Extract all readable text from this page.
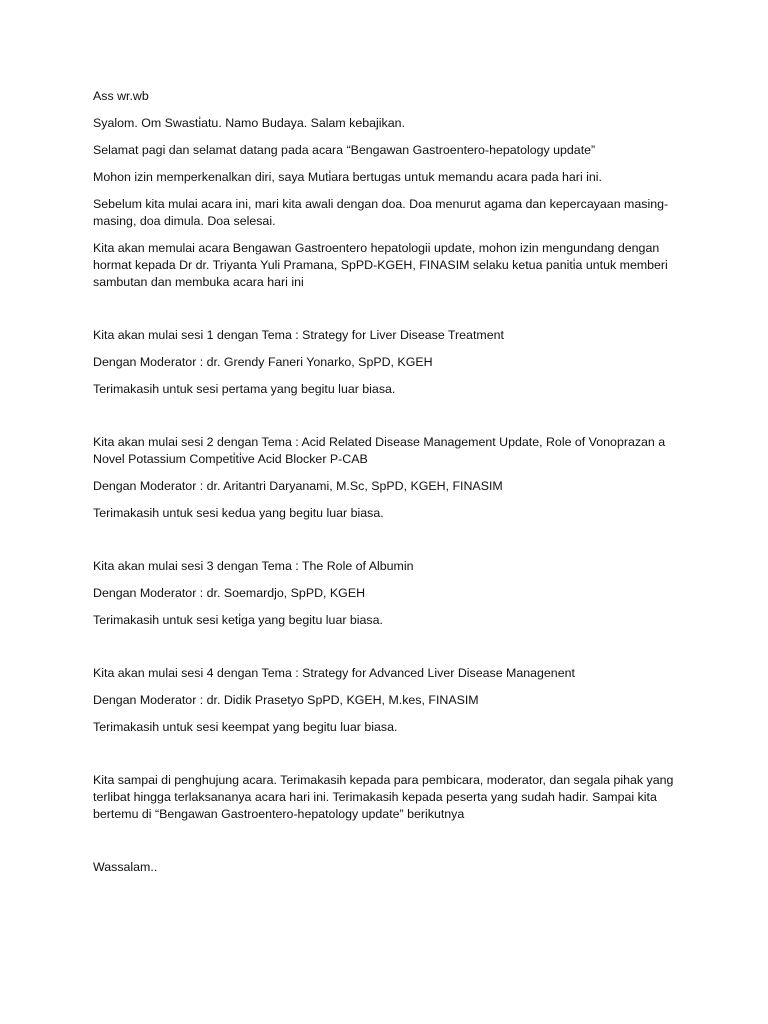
Ass wr.wb

Syalom. Om Swasti̇atu. Namo Budaya. Salam kebajikan.

Selamat pagi dan selamat datang pada acara “Bengawan Gastroentero-hepatology update”

Mohon izin memperkenalkan diri, saya Muti̇ara bertugas untuk memandu acara pada hari ini.

Sebelum kita mulai acara ini, mari kita awali dengan doa. Doa menurut agama dan kepercayaan masing-masing, doa dimula. Doa selesai.

Kita akan memulai acara Bengawan Gastroentero hepatologii update, mohon izin mengundang dengan hormat kepada Dr dr. Triyanta Yuli Pramana, SpPD-KGEH, FINASIM selaku ketua paniti̇a untuk memberi sambutan dan membuka acara hari ini

Kita akan mulai sesi 1 dengan Tema : Strategy for Liver Disease Treatment

Dengan Moderator : dr. Grendy Faneri Yonarko, SpPD, KGEH

Terimakasih untuk sesi pertama yang begitu luar biasa.

Kita akan mulai sesi 2 dengan Tema : Acid Related Disease Management Update, Role of Vonoprazan a Novel Potassium Competi̇ti̇ve Acid Blocker P-CAB

Dengan Moderator : dr. Aritantri Daryanami, M.Sc, SpPD, KGEH, FINASIM

Terimakasih untuk sesi kedua yang begitu luar biasa.

Kita akan mulai sesi 3 dengan Tema : The Role of Albumin

Dengan Moderator : dr. Soemardjo, SpPD, KGEH

Terimakasih untuk sesi keti̇ga yang begitu luar biasa.

Kita akan mulai sesi 4 dengan Tema : Strategy for Advanced Liver Disease Managenent

Dengan Moderator : dr. Didik Prasetyo SpPD, KGEH, M.kes, FINASIM

Terimakasih untuk sesi keempat yang begitu luar biasa.

Kita sampai di penghujung acara. Terimakasih kepada para pembicara, moderator, dan segala pihak yang terlibat hingga terlaksananya acara hari ini. Terimakasih kepada peserta yang sudah hadir. Sampai kita bertemu di “Bengawan Gastroentero-hepatology update” berikutnya

Wassalam..
